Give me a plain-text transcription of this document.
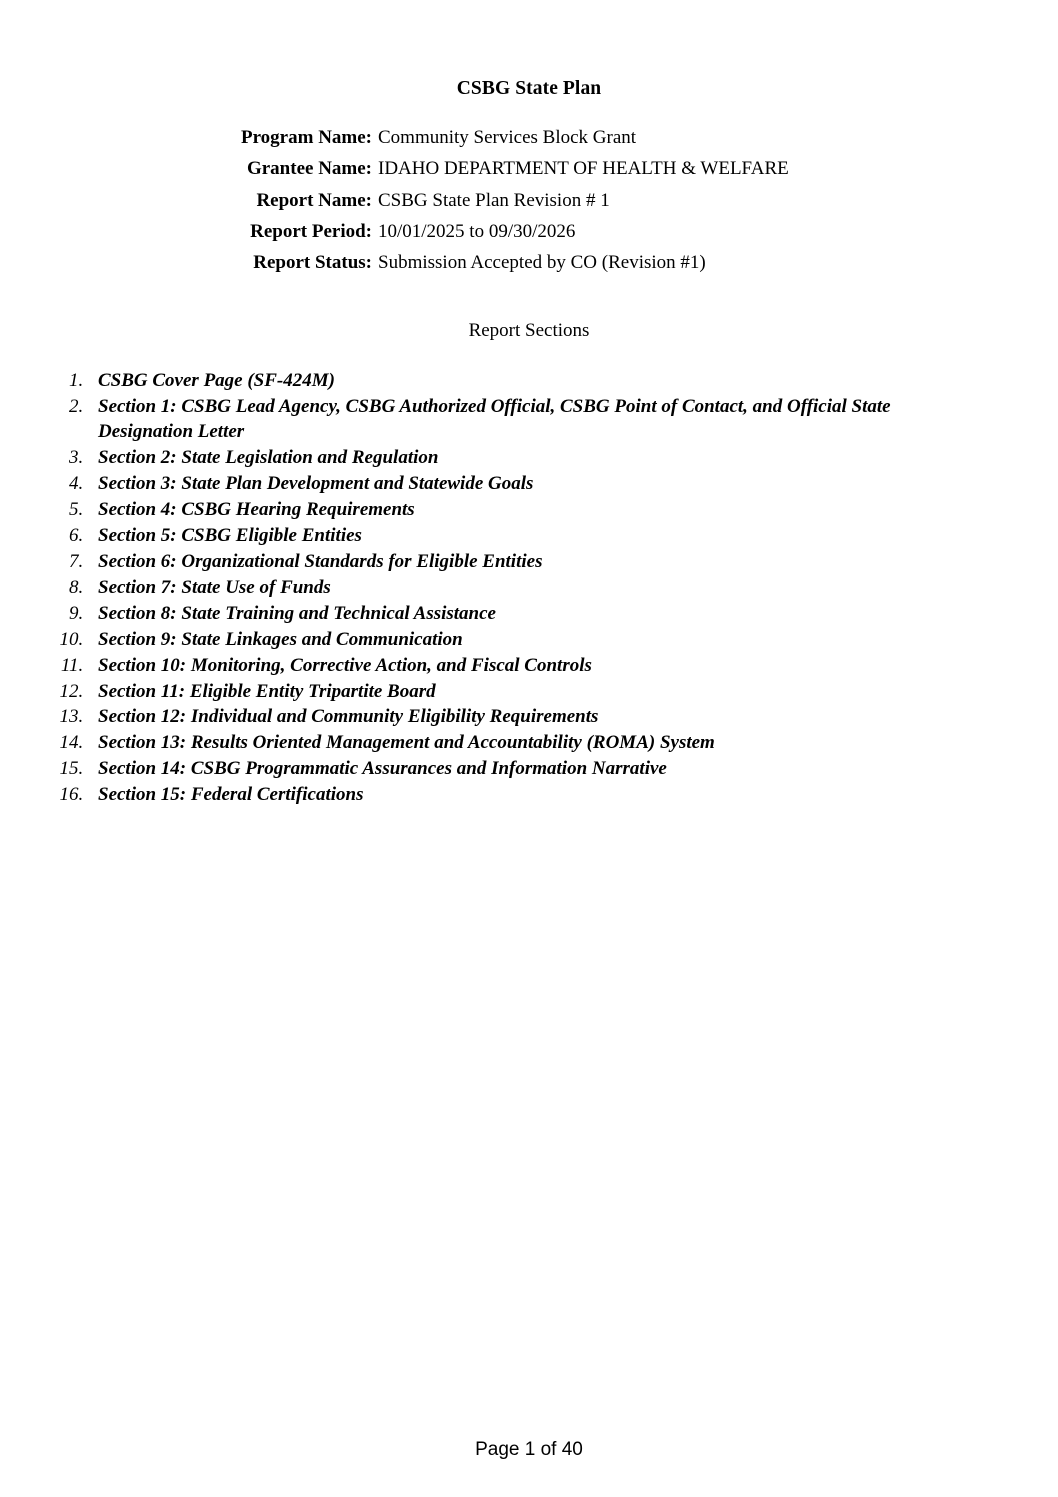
CSBG State Plan
Program Name: Community Services Block Grant
Grantee Name: IDAHO DEPARTMENT OF HEALTH & WELFARE
Report Name: CSBG State Plan Revision # 1
Report Period: 10/01/2025 to 09/30/2026
Report Status: Submission Accepted by CO (Revision #1)
Report Sections
1. CSBG Cover Page (SF-424M)
2. Section 1: CSBG Lead Agency, CSBG Authorized Official, CSBG Point of Contact, and Official State Designation Letter
3. Section 2: State Legislation and Regulation
4. Section 3: State Plan Development and Statewide Goals
5. Section 4: CSBG Hearing Requirements
6. Section 5: CSBG Eligible Entities
7. Section 6: Organizational Standards for Eligible Entities
8. Section 7: State Use of Funds
9. Section 8: State Training and Technical Assistance
10. Section 9: State Linkages and Communication
11. Section 10: Monitoring, Corrective Action, and Fiscal Controls
12. Section 11: Eligible Entity Tripartite Board
13. Section 12: Individual and Community Eligibility Requirements
14. Section 13: Results Oriented Management and Accountability (ROMA) System
15. Section 14: CSBG Programmatic Assurances and Information Narrative
16. Section 15: Federal Certifications
Page 1 of 40
